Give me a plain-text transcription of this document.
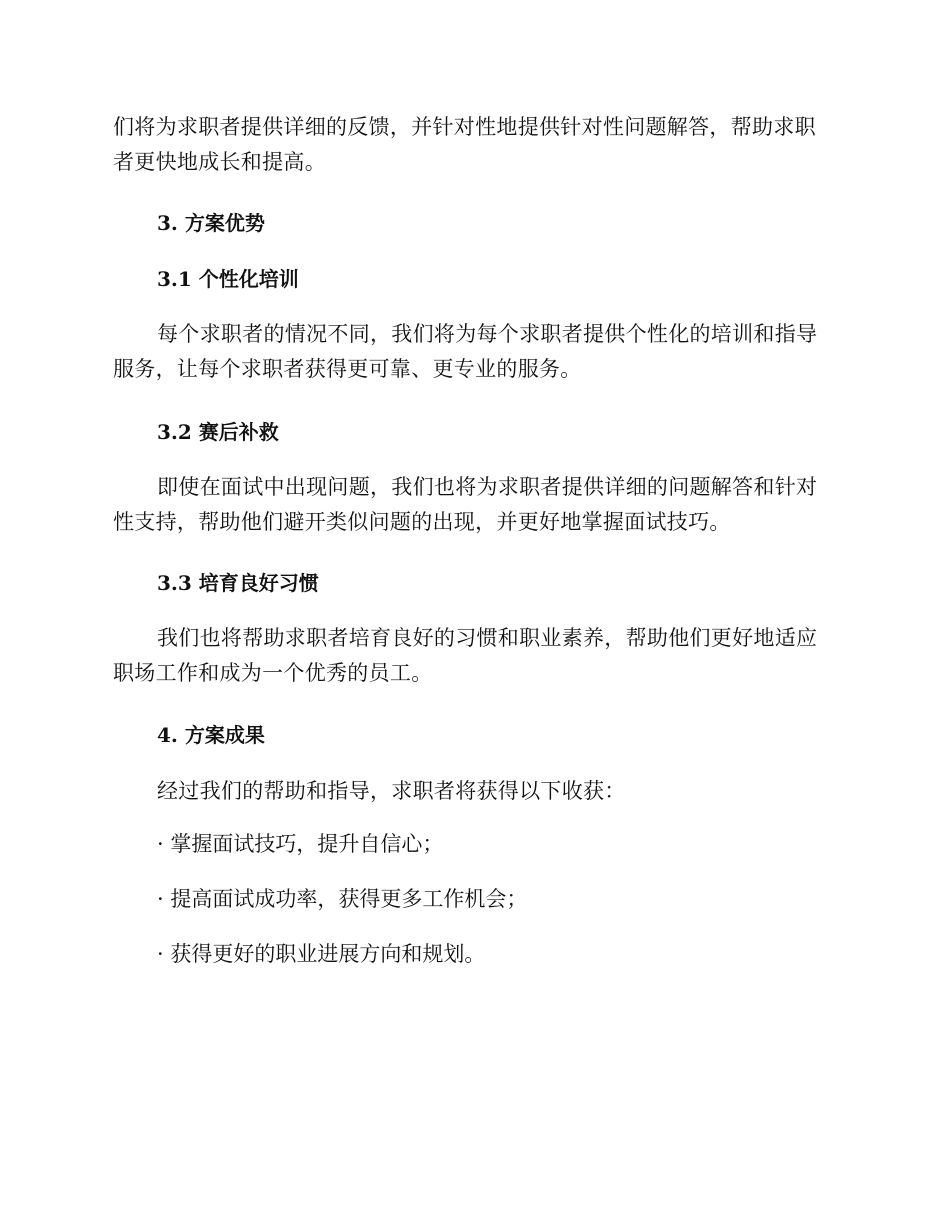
们将为求职者提供详细的反馈，并针对性地提供针对性问题解答，帮助求职
者更快地成长和提高。

3. 方案优势
3.1 个性化培训

每个求职者的情况不同，我们将为每个求职者提供个性化的培训和指导
服务，让每个求职者获得更可靠、更专业的服务。

3.2 赛后补救

即使在面试中出现问题，我们也将为求职者提供详细的问题解答和针对
性支持，帮助他们避开类似问题的出现，并更好地掌握面试技巧。

3.3 培育良好习惯

我们也将帮助求职者培育良好的习惯和职业素养，帮助他们更好地适应
职场工作和成为一个优秀的员工。

4. 方案成果

经过我们的帮助和指导，求职者将获得以下收获：

· 掌握面试技巧，提升自信心；
· 提高面试成功率，获得更多工作机会；
· 获得更好的职业进展方向和规划。
